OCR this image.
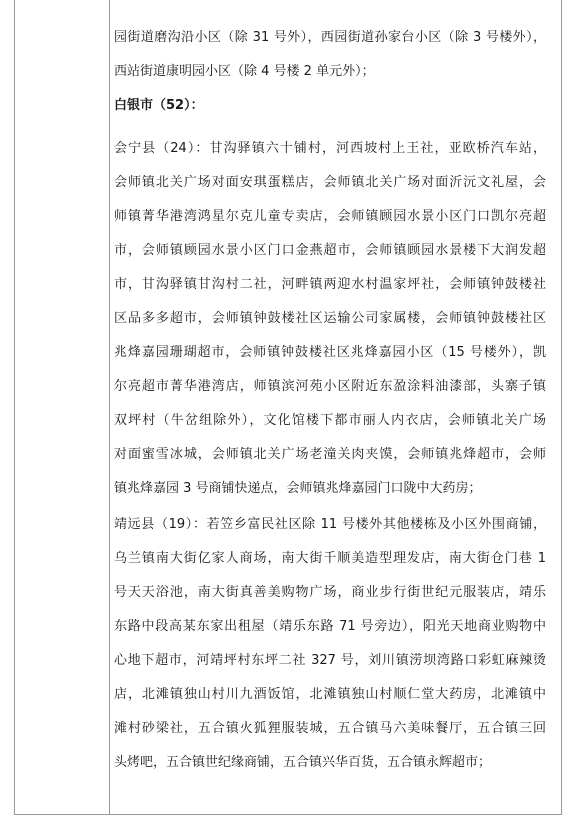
园街道磨沟沿小区（除 31 号外），西园街道孙家台小区（除 3 号楼外），
西站街道康明园小区（除 4 号楼 2 单元外）；
白银市（52）：
会宁县（24）：甘沟驿镇六十铺村，河西坡村上王社，亚欧桥汽车站，
会师镇北关广场对面安琪蛋糕店，会师镇北关广场对面沂沅文礼屋，会
师镇菁华港湾鸿星尔克儿童专卖店，会师镇顾园水景小区门口凯尔亮超
市，会师镇顾园水景小区门口金燕超市，会师镇顾园水景楼下大润发超
市，甘沟驿镇甘沟村二社，河畔镇两迎水村温家坪社，会师镇钟鼓楼社
区品多多超市，会师镇钟鼓楼社区运输公司家属楼，会师镇钟鼓楼社区
兆烽嘉园珊瑚超市，会师镇钟鼓楼社区兆烽嘉园小区（15 号楼外），凯
尔亮超市菁华港湾店，师镇滨河苑小区附近东盈涂料油漆部，头寨子镇
双坪村（牛岔组除外），文化馆楼下都市丽人内衣店，会师镇北关广场
对面蜜雪冰城，会师镇北关广场老潼关肉夹馍，会师镇兆烽超市，会师
镇兆烽嘉园 3 号商铺快递点，会师镇兆烽嘉园门口陇中大药房；
靖远县（19）：若笠乡富民社区除 11 号楼外其他楼栋及小区外围商铺，
乌兰镇南大街亿家人商场，南大街千顺美造型理发店，南大街仓门巷 1
号天天浴池，南大街真善美购物广场，商业步行街世纪元服装店，靖乐
东路中段高某东家出租屋（靖乐东路 71 号旁边），阳光天地商业购物中
心地下超市，河靖坪村东坪二社 327 号，刘川镇涝坝湾路口彩虹麻辣烫
店，北滩镇独山村川九酒饭馆，北滩镇独山村顺仁堂大药房，北滩镇中
滩村砂梁社，五合镇火狐狸服装城，五合镇马六美味餐厅，五合镇三回
头烤吧，五合镇世纪缘商铺，五合镇兴华百货，五合镇永辉超市；
